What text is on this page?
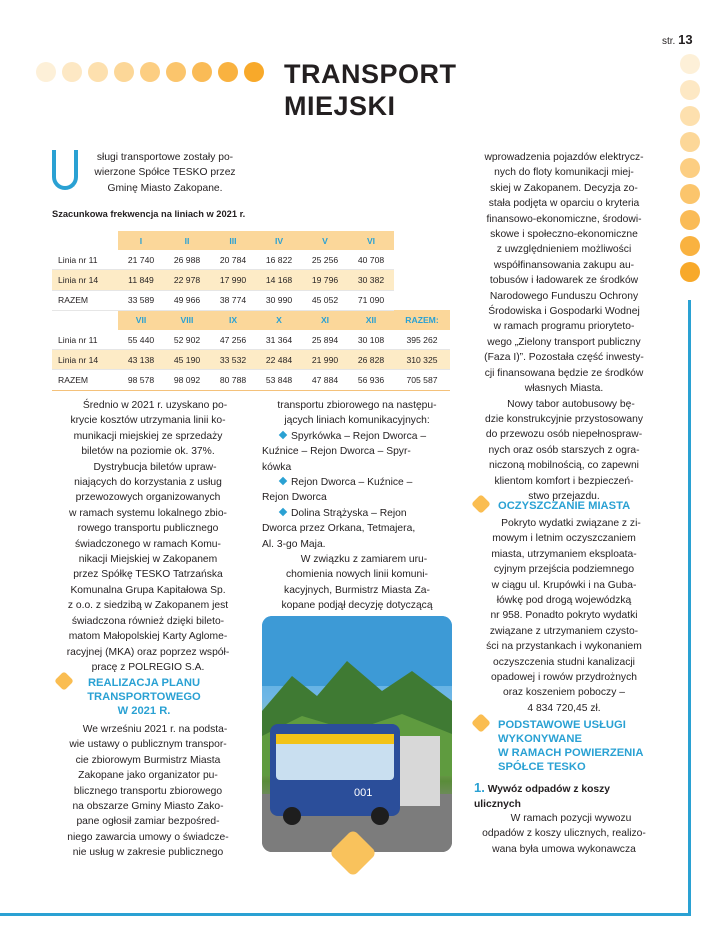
str. 13
TRANSPORT
MIEJSKI
sługi transportowe zostały po-
wierzone Spółce TESKO przez
Gminę Miasto Zakopane.
Szacunkowa frekwencja na liniach w 2021 r.
	I	II	III	IV	V	VI	
Linia nr 11	21 740	26 988	20 784	16 822	25 256	40 708	
Linia nr 14	11 849	22 978	17 990	14 168	19 796	30 382	
RAZEM	33 589	49 966	38 774	30 990	45 052	71 090	
	VII	VIII	IX	X	XI	XII	RAZEM:
Linia nr 11	55 440	52 902	47 256	31 364	25 894	30 108	395 262
Linia nr 14	43 138	45 190	33 532	22 484	21 990	26 828	310 325
RAZEM	98 578	98 092	80 788	53 848	47 884	56 936	705 587
Średnio w 2021 r. uzyskano po-
krycie kosztów utrzymania linii ko-
munikacji miejskiej ze sprzedaży
biletów na poziomie ok. 37%.
Dystrybucja biletów upraw-
niających do korzystania z usług
przewozowych organizowanych
w ramach systemu lokalnego zbio-
rowego transportu publicznego
świadczonego w ramach Komu-
nikacji Miejskiej w Zakopanem
przez Spółkę TESKO Tatrzańska
Komunalna Grupa Kapitałowa Sp.
z o.o. z siedzibą w Zakopanem jest
świadczona również dzięki bileto-
matom Małopolskiej Karty Aglome-
racyjnej (MKA) oraz poprzez współ-
pracę z POLREGIO S.A.
REALIZACJA PLANU
TRANSPORTOWEGO
W 2021 R.
We wrześniu 2021 r. na podsta-
wie ustawy o publicznym transpor-
cie zbiorowym Burmistrz Miasta
Zakopane jako organizator pu-
blicznego transportu zbiorowego
na obszarze Gminy Miasto Zako-
pane ogłosił zamiar bezpośred-
niego zawarcia umowy o świadcze-
nie usług w zakresie publicznego
transportu zbiorowego na następu-
jących liniach komunikacyjnych:
Spyrkówka – Rejon Dworca –
Kuźnice – Rejon Dworca – Spyr-
kówka
Rejon Dworca – Kuźnice –
Rejon Dworca
Dolina Strążyska – Rejon
Dworca przez Orkana, Tetmajera,
Al. 3-go Maja.
W związku z zamiarem uru-
chomienia nowych linii komuni-
kacyjnych, Burmistrz Miasta Za-
kopane podjął decyzję dotyczącą
001
wprowadzenia pojazdów elektrycz-
nych do floty komunikacji miej-
skiej w Zakopanem. Decyzja zo-
stała podjęta w oparciu o kryteria
finansowo-ekonomiczne, środowi-
skowe i społeczno-ekonomiczne
z uwzględnieniem możliwości
współfinansowania zakupu au-
tobusów i ładowarek ze środków
Narodowego Funduszu Ochrony
Środowiska i Gospodarki Wodnej
w ramach programu prioryteto-
wego „Zielony transport publiczny
(Faza I)”. Pozostała część inwesty-
cji finansowana będzie ze środków
własnych Miasta.
Nowy tabor autobusowy bę-
dzie konstrukcyjnie przystosowany
do przewozu osób niepełnospraw-
nych oraz osób starszych z ogra-
niczoną mobilnością, co zapewni
klientom komfort i bezpieczeń-
stwo przejazdu.
OCZYSZCZANIE MIASTA
Pokryto wydatki związane z zi-
mowym i letnim oczyszczaniem
miasta, utrzymaniem eksploata-
cyjnym przejścia podziemnego
w ciągu ul. Krupówki i na Guba-
łówkę pod drogą wojewódzką
nr 958. Ponadto pokryto wydatki
związane z utrzymaniem czysto-
ści na przystankach i wykonaniem
oczyszczenia studni kanalizacji
opadowej i rowów przydrożnych
oraz koszeniem poboczy –
4 834 720,45 zł.
PODSTAWOWE USŁUGI
WYKONYWANE
W RAMACH POWIERZENIA
SPÓŁCE TESKO
1. Wywóz odpadów z koszy
ulicznych
W ramach pozycji wywozu
odpadów z koszy ulicznych, realizo-
wana była umowa wykonawcza
